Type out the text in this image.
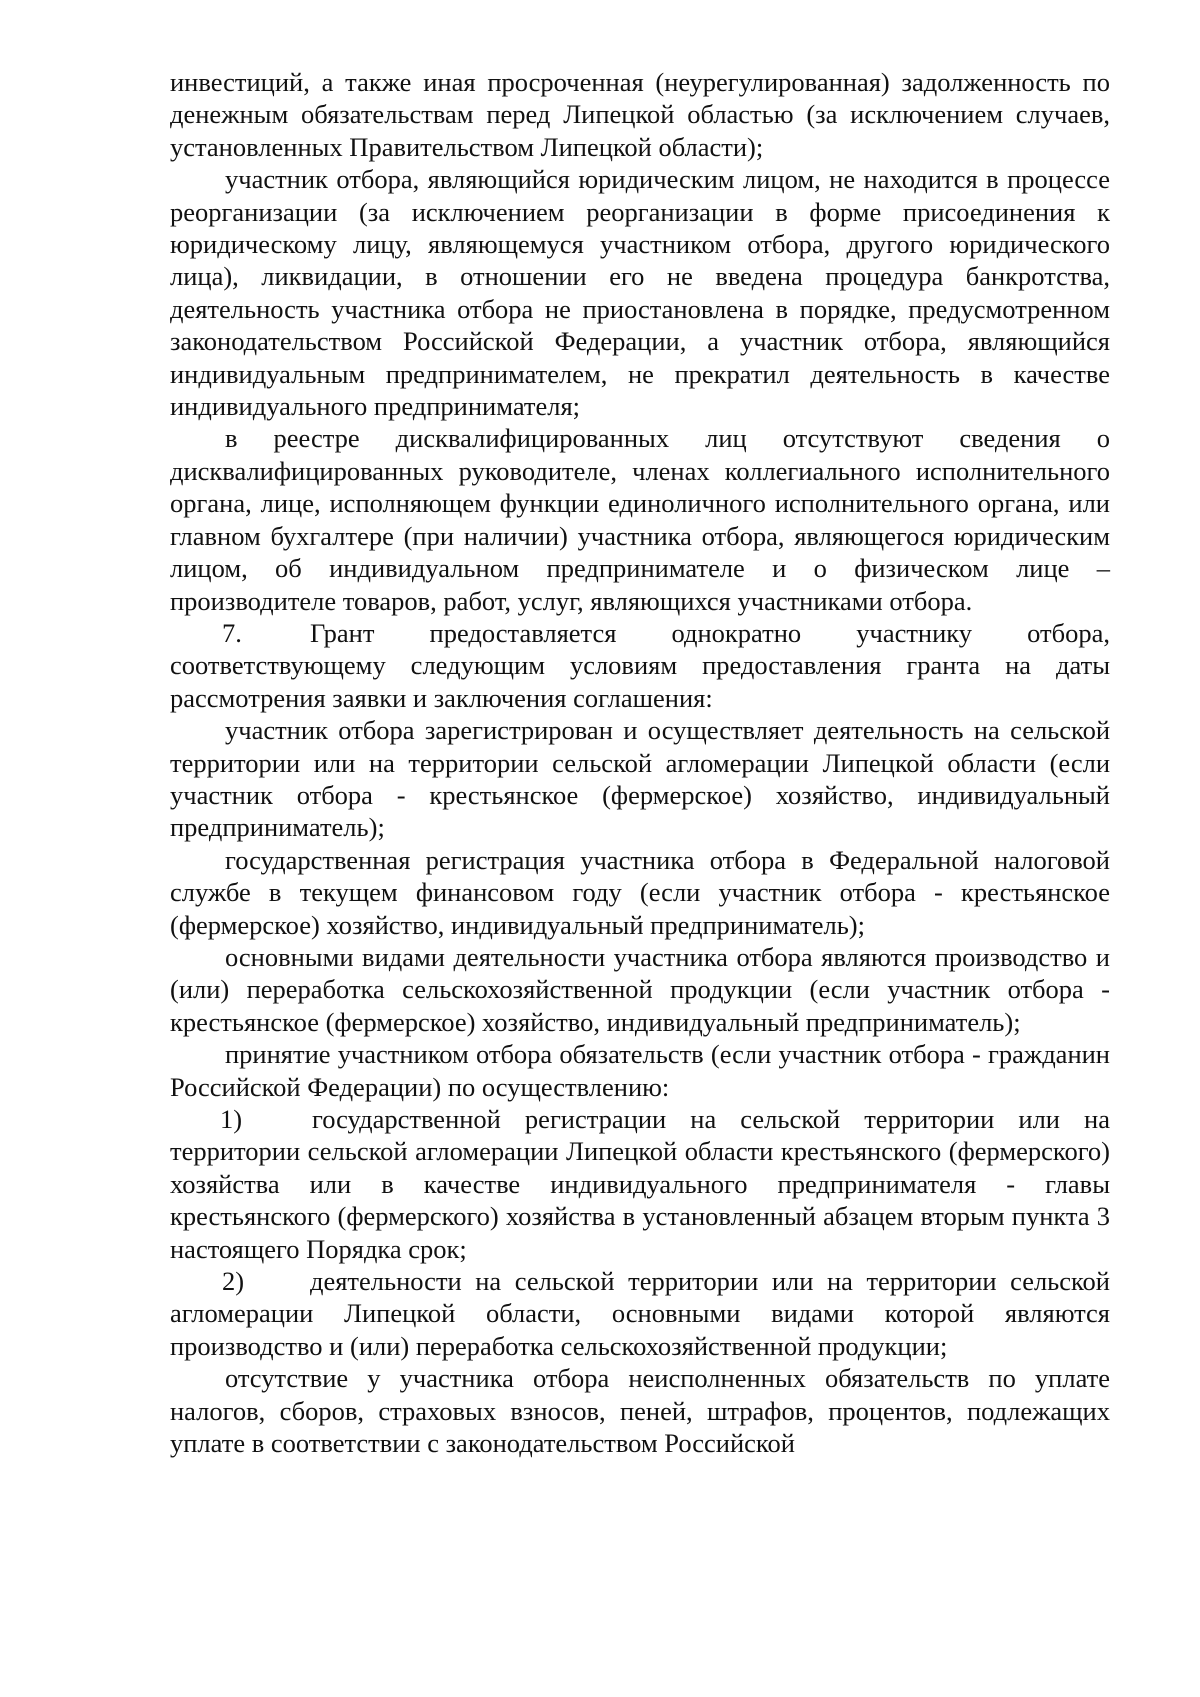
инвестиций, а также иная просроченная (неурегулированная) задолженность по денежным обязательствам перед Липецкой областью (за исключением случаев, установленных Правительством Липецкой области);

участник отбора, являющийся юридическим лицом, не находится в процессе реорганизации (за исключением реорганизации в форме присоединения к юридическому лицу, являющемуся участником отбора, другого юридического лица), ликвидации, в отношении его не введена процедура банкротства, деятельность участника отбора не приостановлена в порядке, предусмотренном законодательством Российской Федерации, а участник отбора, являющийся индивидуальным предпринимателем, не прекратил деятельность в качестве индивидуального предпринимателя;

в реестре дисквалифицированных лиц отсутствуют сведения о дисквалифицированных руководителе, членах коллегиального исполнительного органа, лице, исполняющем функции единоличного исполнительного органа, или главном бухгалтере (при наличии) участника отбора, являющегося юридическим лицом, об индивидуальном предпринимателе и о физическом лице – производителе товаров, работ, услуг, являющихся участниками отбора.

7.	Грант предоставляется однократно участнику отбора, соответствующему следующим условиям предоставления гранта на даты рассмотрения заявки и заключения соглашения:

участник отбора зарегистрирован и осуществляет деятельность на сельской территории или на территории сельской агломерации Липецкой области (если участник отбора - крестьянское (фермерское) хозяйство, индивидуальный предприниматель);

государственная регистрация участника отбора в Федеральной налоговой службе в текущем финансовом году (если участник отбора - крестьянское (фермерское) хозяйство, индивидуальный предприниматель);

основными видами деятельности участника отбора являются производство и (или) переработка сельскохозяйственной продукции (если участник отбора - крестьянское (фермерское) хозяйство, индивидуальный предприниматель);

принятие участником отбора обязательств (если участник отбора - гражданин Российской Федерации) по осуществлению:

1)	государственной регистрации на сельской территории или на территории сельской агломерации Липецкой области крестьянского (фермерского) хозяйства или в качестве индивидуального предпринимателя - главы крестьянского (фермерского) хозяйства в установленный абзацем вторым пункта 3 настоящего Порядка срок;

2) деятельности на сельской территории или на территории сельской агломерации Липецкой области, основными видами которой являются производство и (или) переработка сельскохозяйственной продукции;

отсутствие у участника отбора неисполненных обязательств по уплате налогов, сборов, страховых взносов, пеней, штрафов, процентов, подлежащих уплате в соответствии с законодательством Российской
